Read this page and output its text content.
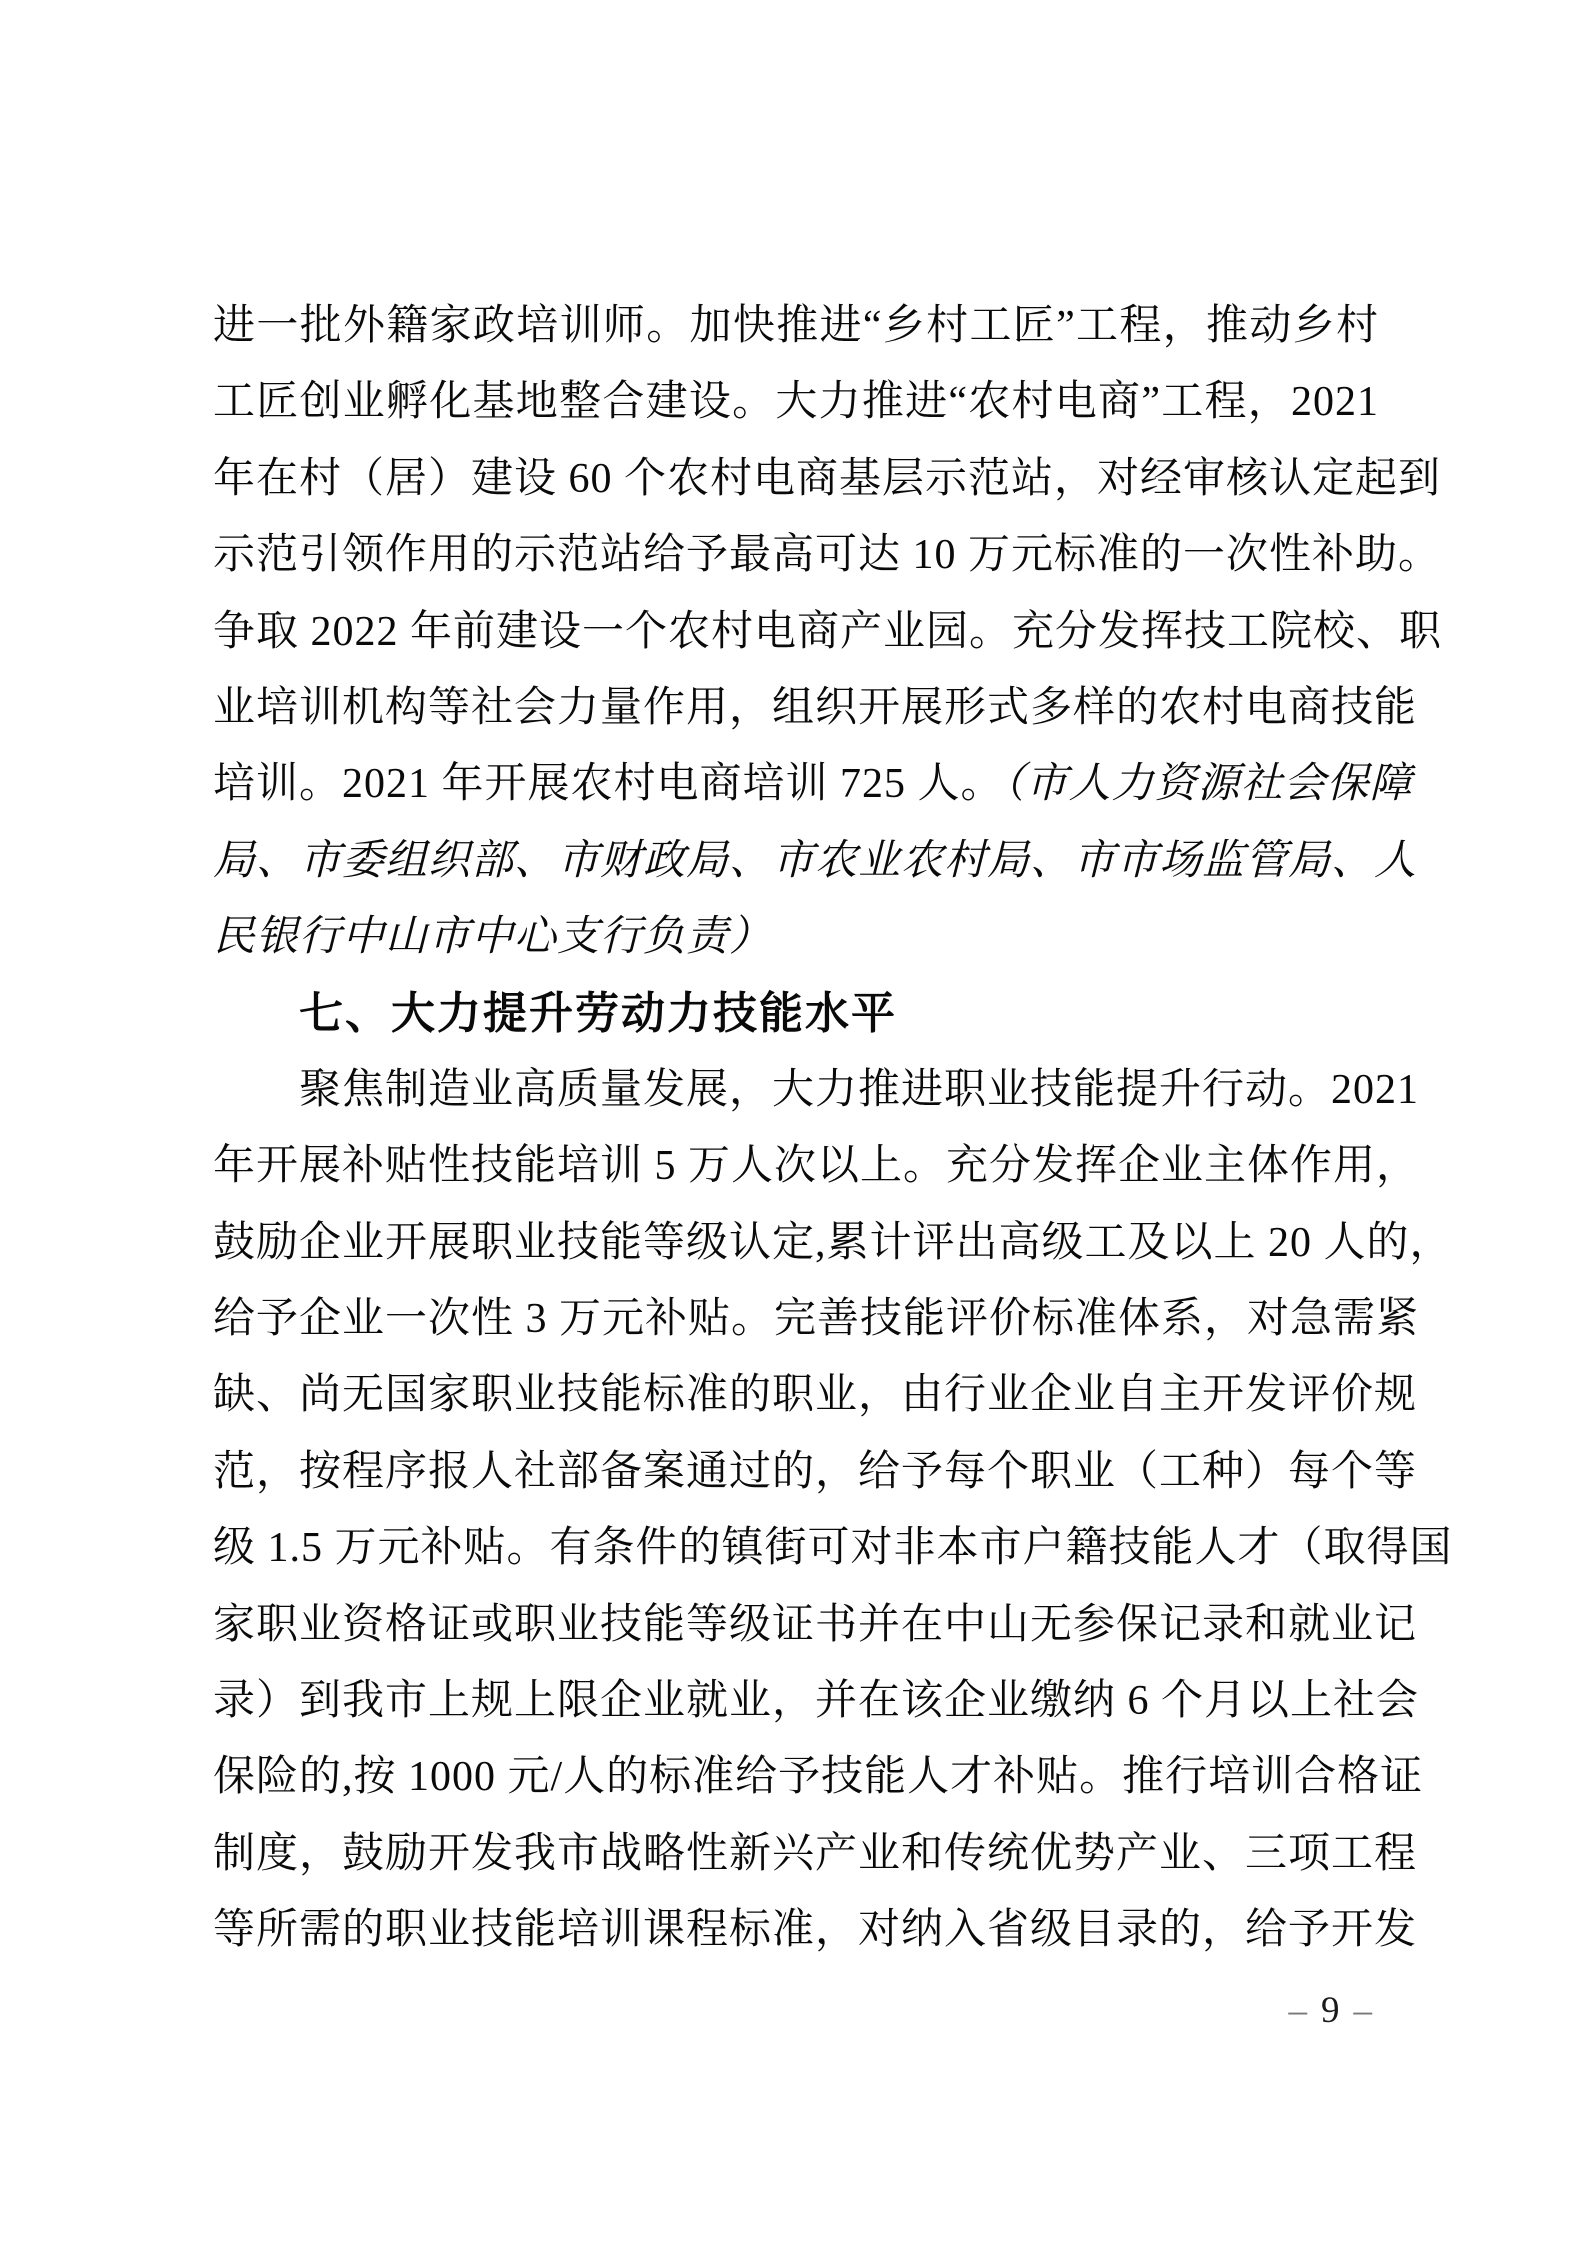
进一批外籍家政培训师。加快推进“乡村工匠”工程，推动乡村
工匠创业孵化基地整合建设。大力推进“农村电商”工程，2021
年在村（居）建设 60 个农村电商基层示范站，对经审核认定起到
示范引领作用的示范站给予最高可达 10 万元标准的一次性补助。
争取 2022 年前建设一个农村电商产业园。充分发挥技工院校、职
业培训机构等社会力量作用，组织开展形式多样的农村电商技能
培训。2021 年开展农村电商培训 725 人。（市人力资源社会保障
局、市委组织部、市财政局、市农业农村局、市市场监管局、人
民银行中山市中心支行负责）
七、大力提升劳动力技能水平
聚焦制造业高质量发展，大力推进职业技能提升行动。2021
年开展补贴性技能培训 5 万人次以上。充分发挥企业主体作用，
鼓励企业开展职业技能等级认定,累计评出高级工及以上 20 人的，
给予企业一次性 3 万元补贴。完善技能评价标准体系，对急需紧
缺、尚无国家职业技能标准的职业，由行业企业自主开发评价规
范，按程序报人社部备案通过的，给予每个职业（工种）每个等
级 1.5 万元补贴。有条件的镇街可对非本市户籍技能人才（取得国
家职业资格证或职业技能等级证书并在中山无参保记录和就业记
录）到我市上规上限企业就业，并在该企业缴纳 6 个月以上社会
保险的,按 1000 元/人的标准给予技能人才补贴。推行培训合格证
制度，鼓励开发我市战略性新兴产业和传统优势产业、三项工程
等所需的职业技能培训课程标准，对纳入省级目录的，给予开发
– 9 –
